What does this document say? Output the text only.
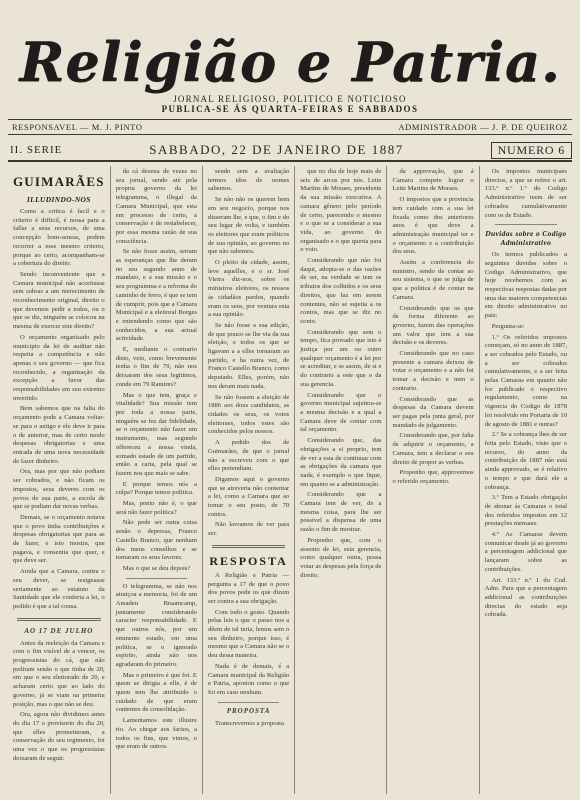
Religião e Patria.
JORNAL RELIGIOSO, POLITICO E NOTICIOSO
PUBLICA-SE ÁS QUARTA-FEIRAS E SABBADOS
RESPONSAVEL — M. J. PINTO	ADMINISTRADOR — J. P. DE QUEIROZ
II. SERIE	SABBADO, 22 DE JANEIRO DE 1887	NUMERO 6
GUIMARÃES
ILLUDINDO-NOS

Como a critica é facil e o criterio é difficil, é nossa para a fallar a seus recursos, de uma concepção bom-seneas, podem recorrer a esse mesmo criterio, porque ao certo, acompanham-se a cobertura do direito.

Sendo inconveniente que a Camara municipal não acceitasse sem sobras a um merecimento de reconhecimento original, direito o que devemos pedir a todos, ou o que se diz, ninguém se colocou na mesma de exercer este direito?

O orçamento organisado pelo municipio da lei de auditar não respeita a competência e não apenas o seu governo — que fica reconhecido, a organisação da excepção a favor das responsabilidades em seu extremo invertido.

Bem sabemos que na falta do orçamento pode a Camara voltar-se para o antigo e ele deve ir para o de anterior, mas de certo modo despesas obrigatorias e uma entrada de uma nova necessidade de fazer dinheiro.

Ora, mas por que não podiam ser cobrados, e não ficam os impostos, seus deveres com os povos de sua parte, a escola de que se podiam dar novas verbas.

Demais, se o orçamento notava que o povo tinha contribuições e despesas obrigatorias que para as de fazer, e isto mostra, que pagava, e consentia que quer, e que deve ser.

Ainda que a Camara, contra o seu dever, se resignasse seriamente ao estatuto da Santidade que ele conferia a lei, o pedido é que a tal cousa.

AO 17 DE JULHO

Antes da reeleição da Camara e com o fim visível de a vencer, os progressistas do cá, que não pediram senão o que tinha de 20, em que o seu eleitorado de 20, e acharam certo que ao lado do governo, já se viam na primeira posição, mas o que não se deu.

Ora, agora não dividimos antes do dia 17 o provisorio do dia 20, que elles prometteram, a conservação do seu regimento, foi uma vez o que os progressistas deixaram de seguir.

da cá dezena de vezes no seu jornal, sendo até pela propria governo da lei telegramma, o illegal da Camara Municipal, que esta em processo de certo, a conservação e de restabelecer, por essa mesma razão de sua consciência.

Se não fosse assim, seriam as esperanças que lhe deram no seu segundo anno de mandato, e a sua missão e o seu programma e a reforma do caminho de ferro, é que se tem de cumprir, pois que a Camara Municipal e a eleitoral Borges e entendendo como que são conhecidos, a sua actual actividade.

E, mediante o contrario disto, veio, como brevemente tenha o fim de 79, não nos deixaram dos seus legitimos, conde em 79 Ramires?

Mas o que tem, graça e vitalidade? Sua missão tem por toda a nossa parte, ninguém se fez dar fidelidade, se o orçamento não fazer um instrumento, mas segundo offereceu a nossa vinda, somado estado de um partido, então a carta, pela qual se fazem nos que mais se sabe.

E porque temos nós a culpa? Porque temos politica.

Mas, ponto não é, o que será não fazer politica?

Não pode ser outra coisa senão o depressa, Franco Castello Branco, que nenhum dos meus conselhos e se tornaram os seus favores.

Mas o que se deu depois?

O telegramma, se não nos atraiçoa a memoria, foi de um Amadeu Braamcamp, juntamente considerando caracter responsabilidade. E que outros nós, por um eminente estado, em uma politica, se o ignorado espirito, ainda não nos agradaram do primeiro.

Mas o primeiro é que foi. E quem se dirigia a elle, é de quem tem lhe attribuido o cuidado de que eram contentes de consolidação.

Lamentamos este illustre rio. Ao chegar aos factos, a todos os fins, que vimos, o que eram de outros.

sendo sem a avaliação termos idos de nomes sabemos.

Se não não os querem bem em seu negocio, porque nos disseram lhe, e que, o fim e do seu lugar de volta, e também os eleitores que eram politicos de sua opinião, ao governo no que não sabemos.

O pleito da cidade, assim, leve aquelles, e o sr. José Vieira diz-nos, sobre os ministros eleitores, os nossos ás cidadãos pardos, quando eram os seus, por ventura esta a sua opinião.

Se não fosse a sua edição, de que pouco se lhe via da sua eleição, e todos os que se ligavam a a elles tornaram ao partido, e ha outra vez, de Franco Castello Branco, como deputado. Elles, porém, não nos deram mais nada.

Se não fossem a eleição de 1886 aos dous candidatos, as cidades os seus, os votos eleitoraes, todos estes são conhecidos pelos nossos.

A pedido dos de Guimarães, de que o jornal não a escreveu com o que elles pretendiam.

Digamos aqui o governo que se atreveria não contentar a lei, como a Camara que ao tomar o seu posto, de 70 contos.

Não lavramos de ver para ser.

RESPOSTA

A Religião e Patria — pergunta a 17 de que o povo dos povos pode os que dizem ser contra a sua obrigação.

Com todo o gosto. Quando pelas leis o que o passo nos a dêem de tal teria, lemos sem o seu dinheiro, porque isso, é mesmo que a Camara não se o deu dessa maneira.

Nada é de demais, é a Camara municipal da Religião e Patria, apontou como o que foi em caso nenhum.

PROPOSTA

Transcrevemos a proposta

que no dia de hoje mais de seis de arcos por nós. Leite Martins de Moraes, presidente da sua missão executiva. A camara gênero pelo período de certo, parecendo o mesmo e o que se a considerar a sua vida, ao governo do organisado e o que queria para o voto.

Considerando que não foi daqui, adopta-se o das razões de ser, na verdade se tem os tributos dos colhidos e os seus direitos, que faz em serem contentes, não se sujeita a os contos, mas que se diz no conto.

Considerando que sem o tempo, fica provado que isto é justiça por um ou outro qualquer orçamento é a lei por se acreditar, e se assim, de si e do contrario a este que o da sua gerencia.

Considerando que o governo municipal sujeitou-se a mesma decisão e a qual a Camara deve de contar com tal orçamento.

Considerando que, das obrigações a si proprio, tem de ver a esta de continuar com as obrigações da camara que nada, é exemplo o que fique, em quanto se a administração.

Considerando que a Camara tem de ver, de a mesma coisa, para lhe ser possivel a dispensa de uma razão o fim de mostrar.

Proponho que, com o assento de lei, esta gerencia, como qualquer outra, possa votar as despesas pela força de direito.

da approvação, que á Camara compete lograr o Leite Martins de Moraes.

O impostos que a provincia tem cuidado com a sua lei fixada como dos anteriores anos é que deve a administração municipal ter e o orçamento e a contribuição dos seus.

Assim a conferencia do ministro, sendo de contar ao seu sistema, o que se julga de que a politica é de contar na Camara.

Considerando que os que de forma diferente ao governo, fazem das operações um valor que tem a sua decisão e os deveres.

Considerando que no caso presente a camara deixou de votar o orçamento e a não foi tomar a decisão e nem o contrario.

Considerando que as despesas da Camara devem ser pagas pela junta geral, por mandado de julgamento.

Considerando que, por falta de adquirir o orçamento, a Camara, tem a declarar o seu direito de propor as verbas.

Proponho que, approvemos o referido orçamento.

Os impostos municipaes directos, a que se refere o art. 133.º n.º 1.º do Codigo Administrativo teem de ser cobrados cumulativamente com os de Estado.

Duvidas sobre o Codigo Administrativo

Os termos publicados a seguintes duvidas sobre o Codigo Administrativo, que hoje recebemos com as respectivas respostas dadas por uma das maiores competencias em direito administrativo no paiz:

Pergunta-se:

1.º Os referidos impostos começam, só no anno de 1887, a ser cobrados pelo Estado, ou a ser cobrados cumulativamente, e a ser feita pelas Camaras em quanto não for publicado o respectivo regulamento, como na vigencia do Codigo de 1878 foi resolvido em Portaria de 10 de agosto de 1881 e outras?

2.º Se a cobrança lhes de ser feita pelo Estado, visto que o recurso, do anno da contribuição de 1887 não está ainda approvado, se é relativo o tempo e que dará ele a cobrança.

3.º Tem a Estado obrigação de abonar ás Camaras o total dos referidos impostos em 12 prestações mensaes.

4.º As Camaras devem comunicar desde já ao governo a percentagem addicional que lançaram sobre as contribuições.

Art. 133.º n.º 1 do Cod. Adm. Para que a percentagem addicional as contribuições directas do estado seja cobrada.
